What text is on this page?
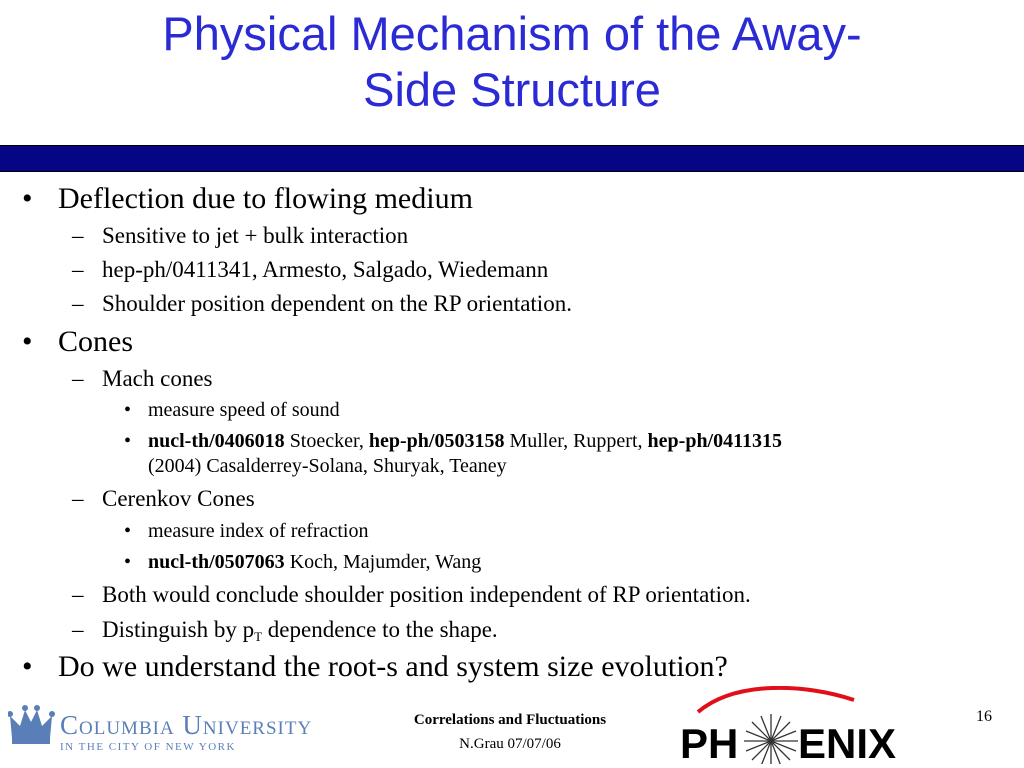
Physical Mechanism of the Away-
Side Structure
• Deflection due to flowing medium
– Sensitive to jet + bulk interaction
– hep-ph/0411341, Armesto, Salgado, Wiedemann
– Shoulder position dependent on the RP orientation.
• Cones
– Mach cones
• measure speed of sound
• nucl-th/0406018 Stoecker, hep-ph/0503158 Muller, Ruppert, hep-ph/0411315
(2004) Casalderrey-Solana, Shuryak, Teaney
– Cerenkov Cones
• measure index of refraction
• nucl-th/0507063 Koch, Majumder, Wang
– Both would conclude shoulder position independent of RP orientation.
– Distinguish by $p_T$ dependence to the shape.
• Do we understand the root-s and system size evolution?
Columbia University
IN THE CITY OF NEW YORK
Correlations and Fluctuations
N.Grau 07/07/06	PH ENIX
16
